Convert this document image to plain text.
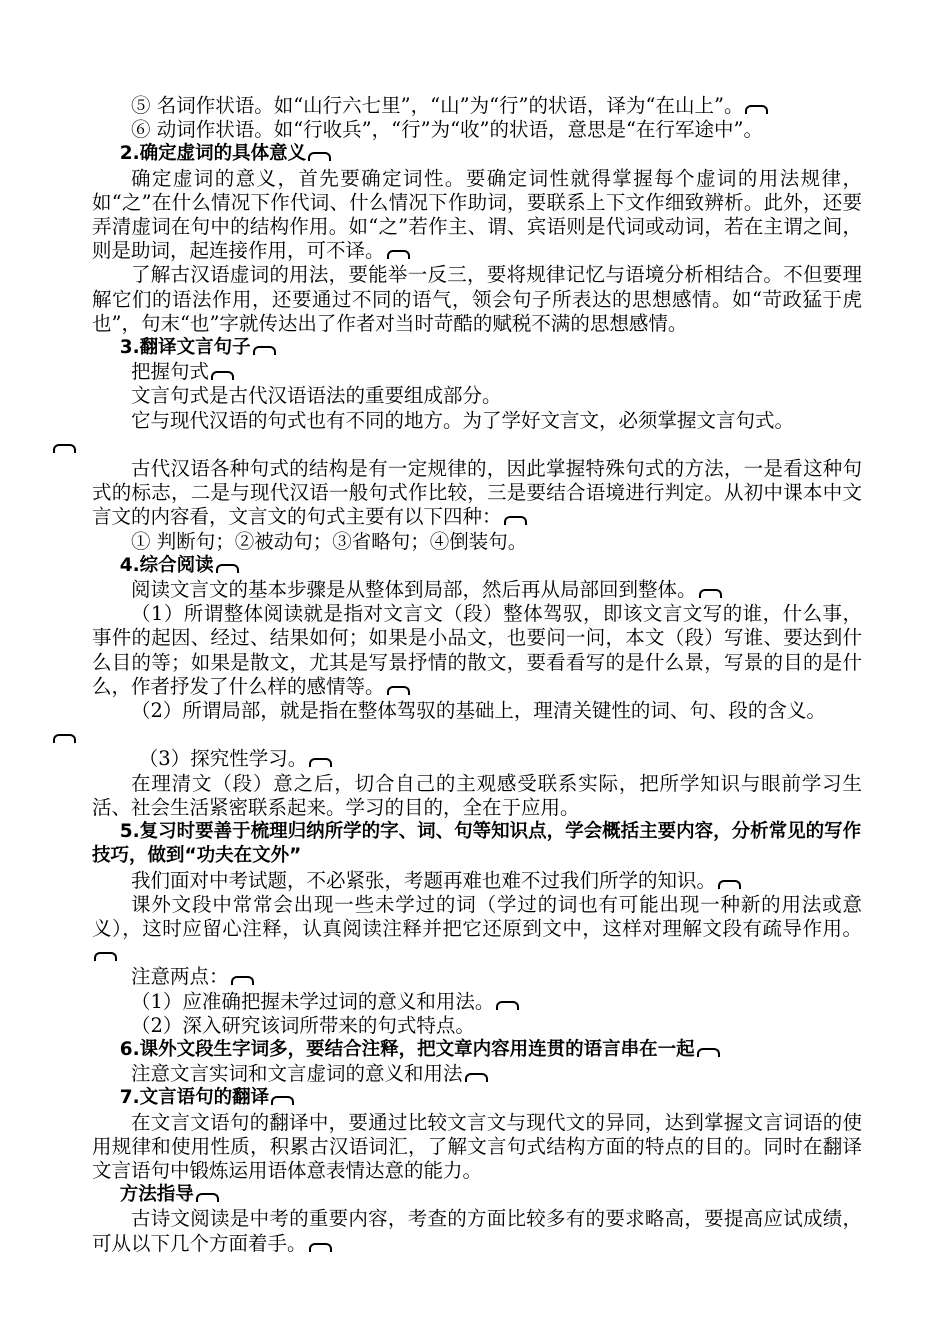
⑤ 名词作状语。如“山行六七里”，“山”为“行”的状语，译为“在山上”。

⑥ 动词作状语。如“行收兵”，“行”为“收”的状语，意思是“在行军途中”。

2.确定虚词的具体意义

确定虚词的意义，首先要确定词性。要确定词性就得掌握每个虚词的用法规律，如“之”在什么情况下作代词、什么情况下作助词，要联系上下文作细致辨析。此外，还要弄清虚词在句中的结构作用。如“之”若作主、谓、宾语则是代词或动词，若在主谓之间，则是助词，起连接作用，可不译。

了解古汉语虚词的用法，要能举一反三，要将规律记忆与语境分析相结合。不但要理解它们的语法作用，还要通过不同的语气，领会句子所表达的思想感情。如“苛政猛于虎也”，句末“也”字就传达出了作者对当时苛酷的赋税不满的思想感情。

3.翻译文言句子

把握句式

文言句式是古代汉语语法的重要组成部分。

它与现代汉语的句式也有不同的地方。为了学好文言文，必须掌握文言句式。

古代汉语各种句式的结构是有一定规律的，因此掌握特殊句式的方法，一是看这种句式的标志，二是与现代汉语一般句式作比较，三是要结合语境进行判定。从初中课本中文言文的内容看，文言文的句式主要有以下四种：

① 判断句；②被动句；③省略句；④倒装句。

4.综合阅读

阅读文言文的基本步骤是从整体到局部，然后再从局部回到整体。

（1）所谓整体阅读就是指对文言文（段）整体驾驭，即该文言文写的谁，什么事，事件的起因、经过、结果如何；如果是小品文，也要问一问，本文（段）写谁、要达到什么目的等；如果是散文，尤其是写景抒情的散文，要看看写的是什么景，写景的目的是什么，作者抒发了什么样的感情等。

（2）所谓局部，就是指在整体驾驭的基础上，理清关键性的词、句、段的含义。

（3）探究性学习。

在理清文（段）意之后，切合自己的主观感受联系实际，把所学知识与眼前学习生活、社会生活紧密联系起来。学习的目的，全在于应用。

5.复习时要善于梳理归纳所学的字、词、句等知识点，学会概括主要内容，分析常见的写作技巧，做到“功夫在文外”

我们面对中考试题，不必紧张，考题再难也难不过我们所学的知识。

课外文段中常常会出现一些未学过的词（学过的词也有可能出现一种新的用法或意义），这时应留心注释，认真阅读注释并把它还原到文中，这样对理解文段有疏导作用。

注意两点：

（1）应准确把握未学过词的意义和用法。

（2）深入研究该词所带来的句式特点。

6.课外文段生字词多，要结合注释，把文章内容用连贯的语言串在一起

注意文言实词和文言虚词的意义和用法

7.文言语句的翻译

在文言文语句的翻译中，要通过比较文言文与现代文的异同，达到掌握文言词语的使用规律和使用性质，积累古汉语词汇，了解文言句式结构方面的特点的目的。同时在翻译文言语句中锻炼运用语体意表情达意的能力。

方法指导

古诗文阅读是中考的重要内容，考查的方面比较多有的要求略高，要提高应试成绩，可从以下几个方面着手。
